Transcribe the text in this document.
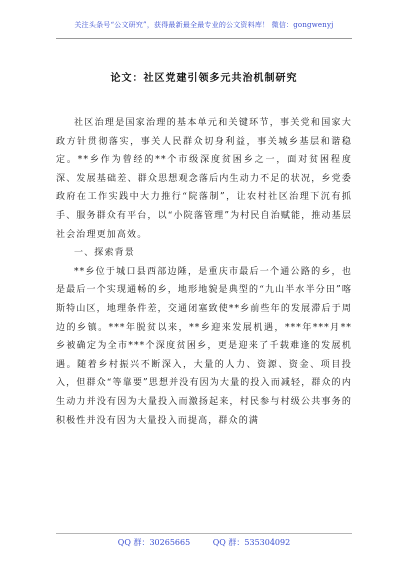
关注头条号“公文研究”，获得最新最全最专业的公文资料库！ 微信：gongwenyj
论文：社区党建引领多元共治机制研究

社区治理是国家治理的基本单元和关键环节，事关党和国家大政方针贯彻落实，事关人民群众切身利益，事关城乡基层和谐稳定。**乡作为曾经的**个市级深度贫困乡之一，面对贫困程度深、发展基础差、群众思想观念落后内生动力不足的状况，乡党委政府在工作实践中大力推行“院落制”，让农村社区治理下沉有抓手、服务群众有平台，以“小院落管理”为村民自治赋能，推动基层社会治理更加高效。

一、探索背景

**乡位于城口县西部边陲，是重庆市最后一个通公路的乡，也是最后一个实现通畅的乡，地形地貌是典型的“九山半水半分田”喀斯特山区，地理条件差，交通闭塞致使**乡前些年的发展滞后于周边的乡镇。***年脱贫以来，**乡迎来发展机遇，***年***月**乡被确定为全市***个深度贫困乡，更是迎来了千载难逢的发展机遇。随着乡村振兴不断深入，大量的人力、资源、资金、项目投入，但群众“等靠要”思想并没有因为大量的投入而减轻，群众的内生动力并没有因为大量投入而激扬起来，村民参与村级公共事务的积极性并没有因为大量投入而提高，群众的满

QQ 群：30265665	QQ 群：535304092
